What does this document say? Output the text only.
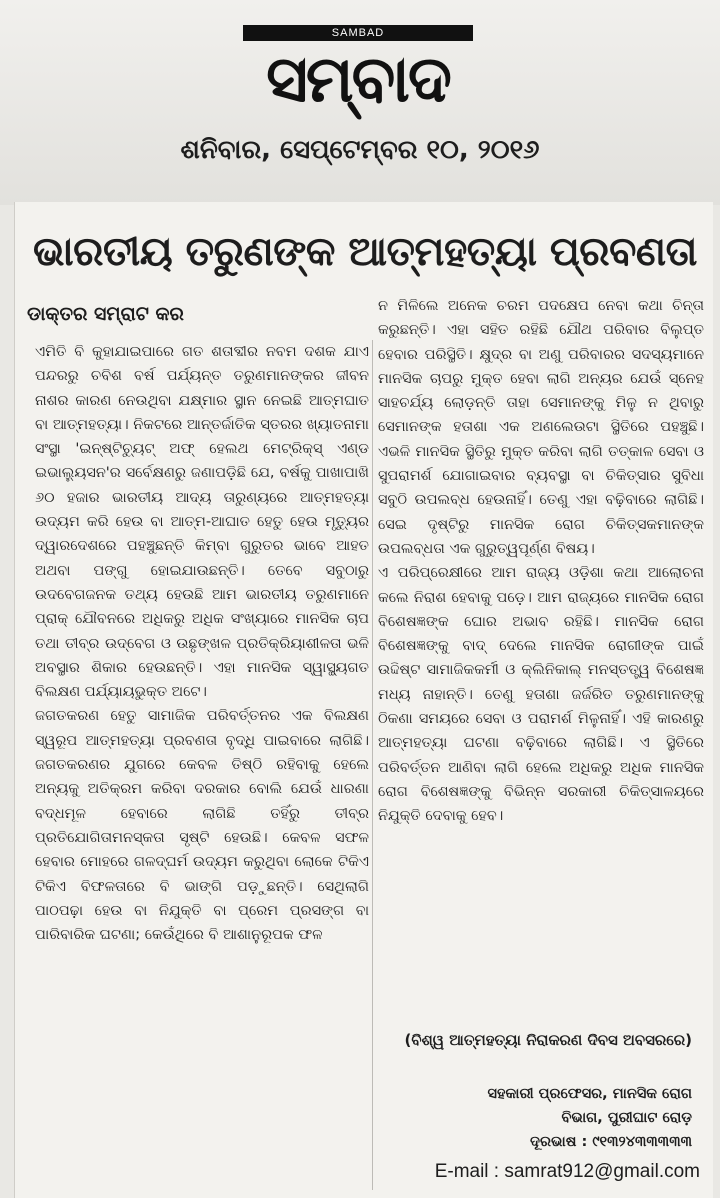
SAMBAD
ସମ୍ବାଦ
ଶନିବାର, ସେପ୍ଟେମ୍ବର ୧୦, ୨୦୧୬
ଭାରତୀୟ ତରୁଣଙ୍କ ଆତ୍ମହତ୍ୟା ପ୍ରବଣତା
ଡାକ୍ତର ସମ୍ରାଟ କର

ଏମିତି ବି କୁହାଯାଇପାରେ ଗତ ଶତାବ୍ଦୀର ନବମ ଦଶକ ଯାଏ ପନ୍ଦରରୁ ଚବିଶ ବର୍ଷ ପର୍ଯ୍ୟନ୍ତ ତରୁଣମାନଙ୍କର ଜୀବନ ନାଶର କାରଣ ନେଉଥିବା ଯକ୍ଷ୍ମାର ସ୍ଥାନ ନେଇଛି ଆତ୍ମଘାତ ବା ଆତ୍ମହତ୍ୟା। ନିକଟରେ ଆନ୍ତର୍ଜାତିକ ସ୍ତରର ଖ୍ୟାତନାମା ସଂସ୍ଥା 'ଇନ୍‌ଷ୍ଟିଚ୍ୟୁଟ୍ ଅଫ୍ ହେଲଥ ମେଟ୍ରିକ୍‌ସ୍ ଏଣ୍ଡ ଇଭାଲ୍ୟୁସନ'ର ସର୍ବେକ୍ଷଣରୁ ଜଣାପଡ଼ିଛି ଯେ, ବର୍ଷକୁ ପାଖାପାଖି ୬୦ ହଜାର ଭାରତୀୟ ଆଦ୍ୟ ତାରୁଣ୍ୟରେ ଆତ୍ମହତ୍ୟା ଉଦ୍ୟମ କରି ହେଉ ବା ଆତ୍ମ-ଆଘାତ ହେତୁ ହେଉ ମୃତ୍ୟୁର ଦ୍ୱାରଦେଶରେ ପହଞ୍ଚୁଛନ୍ତି କିମ୍ବା ଗୁରୁତର ଭାବେ ଆହତ ଅଥବା ପଙ୍ଗୁ ହୋଇଯାଉଛନ୍ତି। ତେବେ ସବୁଠାରୁ ଉଦବେଗଜନକ ତଥ୍ୟ ହେଉଛି ଆମ ଭାରତୀୟ ତରୁଣମାନେ ପ୍ରାକ୍ ଯୌବନରେ ଅଧିକରୁ ଅଧିକ ସଂଖ୍ୟାରେ ମାନସିକ ଚାପ ତଥା ତୀବ୍ର ଉଦ୍‌ବେଗ ଓ ଉଛୃଙ୍ଖଳ ପ୍ରତିକ୍ରିୟାଶୀଳତା ଭଳି ଅବସ୍ଥାର ଶିକାର ହେଉଛନ୍ତି। ଏହା ମାନସିକ ସ୍ୱାସ୍ଥ୍ୟଗତ ବିଲକ୍ଷଣ ପର୍ଯ୍ୟାୟଭୁକ୍ତ ଅଟେ।

ଜଗତକରଣ ହେତୁ ସାମାଜିକ ପରିବର୍ତ୍ତନର ଏକ ବିଲକ୍ଷଣ ସ୍ୱରୂପ ଆତ୍ମହତ୍ୟା ପ୍ରବଣତା ବୃଦ୍ଧି ପାଇବାରେ ଲାଗିଛି। ଜଗତକରଣର ଯୁଗରେ କେବଳ ତିଷ୍ଠି ରହିବାକୁ ହେଲେ ଅନ୍ୟକୁ ଅତିକ୍ରମ କରିବା ଦରକାର ବୋଲି ଯେଉଁ ଧାରଣା ବଦ୍ଧମୂଳ ହେବାରେ ଲାଗିଛି ତହିଁରୁ ତୀବ୍ର ପ୍ରତିଯୋଗିତାମନସ୍କତା ସୃଷ୍ଟି ହେଉଛି। କେବଳ ସଫଳ ହେବାର ମୋହରେ ଗଳଦ୍‌ଘର୍ମ ଉଦ୍ୟମ କରୁଥିବା ଲୋକେ ଟିକିଏ ଟିକିଏ ବିଫଳତାରେ ବି ଭାଙ୍ଗି ପଡ଼ୁଛନ୍ତି। ସେଥିଲାଗି ପାଠପଢ଼ା ହେଉ ବା ନିଯୁକ୍ତି ବା ପ୍ରେମ ପ୍ରସଙ୍ଗ ବା ପାରିବାରିକ ଘଟଣା; କେଉଁଥିରେ ବି ଆଶାନୁରୂପକ ଫଳ

ନ ମିଳିଲେ ଅନେକ ଚରମ ପଦକ୍ଷେପ ନେବା କଥା ଚିନ୍ତା କରୁଛନ୍ତି। ଏହା ସହିତ ରହିଛି ଯୌଥ ପରିବାର ବିଲୁପ୍ତ ହେବାର ପରିସ୍ଥିତି। କ୍ଷୁଦ୍ର ବା ଅଣୁ ପରିବାରର ସଦସ୍ୟମାନେ ମାନସିକ ଚାପରୁ ମୁକ୍ତ ହେବା ଲାଗି ଅନ୍ୟର ଯେଉଁ ସ୍ନେହ ସାହଚର୍ଯ୍ୟ ଲୋଡ଼ନ୍ତି ତାହା ସେମାନଙ୍କୁ ମିଳୁ ନ ଥିବାରୁ ସେମାନଙ୍କ ହତାଶା ଏକ ଅଣଲେଉଟା ସ୍ଥିତିରେ ପହଞ୍ଚୁଛି। ଏଭଳି ମାନସିକ ସ୍ଥିତିରୁ ମୁକ୍ତ କରିବା ଲାଗି ତତ୍‌କାଳ ସେବା ଓ ସୁପରାମର୍ଶ ଯୋଗାଇବାର ବ୍ୟବସ୍ଥା ବା ଚିକିତ୍ସାର ସୁବିଧା ସବୁଠି ଉପଲବ୍ଧ ହେଉନାହିଁ। ତେଣୁ ଏହା ବଢ଼ିବାରେ ଲାଗିଛି। ସେଇ ଦୃଷ୍ଟିରୁ ମାନସିକ ରୋଗ ଚିକିତ୍ସକମାନଙ୍କ ଉପଲବ୍ଧତା ଏକ ଗୁରୁତ୍ୱପୂର୍ଣ୍ଣ ବିଷୟ।

ଏ ପରିପ୍ରେକ୍ଷୀରେ ଆମ ରାଜ୍ୟ ଓଡ଼ିଶା କଥା ଆଲୋଚନା କଲେ ନିରାଶ ହେବାକୁ ପଡ଼େ। ଆମ ରାଜ୍ୟରେ ମାନସିକ ରୋଗ ବିଶେଷଜ୍ଞଙ୍କ ଘୋର ଅଭାବ ରହିଛି। ମାନସିକ ରୋଗ ବିଶେଷଜ୍ଞଙ୍କୁ ବାଦ୍ ଦେଲେ ମାନସିକ ରୋଗୀଙ୍କ ପାଇଁ ଉଦ୍ଦିଷ୍ଟ ସାମାଜିକକର୍ମୀ ଓ କ୍ଲିନିକାଲ୍ ମନସ୍ତତ୍ତ୍ୱ ବିଶେଷଜ୍ଞ ମଧ୍ୟ ନାହାନ୍ତି। ତେଣୁ ହତାଶା ଜର୍ଜରିତ ତରୁଣମାନଙ୍କୁ ଠିକଣା ସମୟରେ ସେବା ଓ ପରାମର୍ଶ ମିଳୁନାହିଁ। ଏହି କାରଣରୁ ଆତ୍ମହତ୍ୟା ଘଟଣା ବଢ଼ିବାରେ ଲାଗିଛି। ଏ ସ୍ଥିତିରେ ପରିବର୍ତ୍ତନ ଆଣିବା ଲାଗି ହେଲେ ଅଧିକରୁ ଅଧିକ ମାନସିକ ରୋଗ ବିଶେଷଜ୍ଞଙ୍କୁ ବିଭିନ୍ନ ସରକାରୀ ଚିକିତ୍ସାଳୟରେ ନିଯୁକ୍ତି ଦେବାକୁ ହେବ।

(ବିଶ୍ୱ ଆତ୍ମହତ୍ୟା ନିରାକରଣ ଦିବସ ଅବସରରେ)
ସହକାରୀ ପ୍ରଫେସର, ମାନସିକ ରୋଗ
ବିଭାଗ, ପୁରୀଘାଟ ରୋଡ଼
ଦୂରଭାଷ : ୯୧୩୨୪୩୩୩୩୩
E-mail : samrat912@gmail.com
